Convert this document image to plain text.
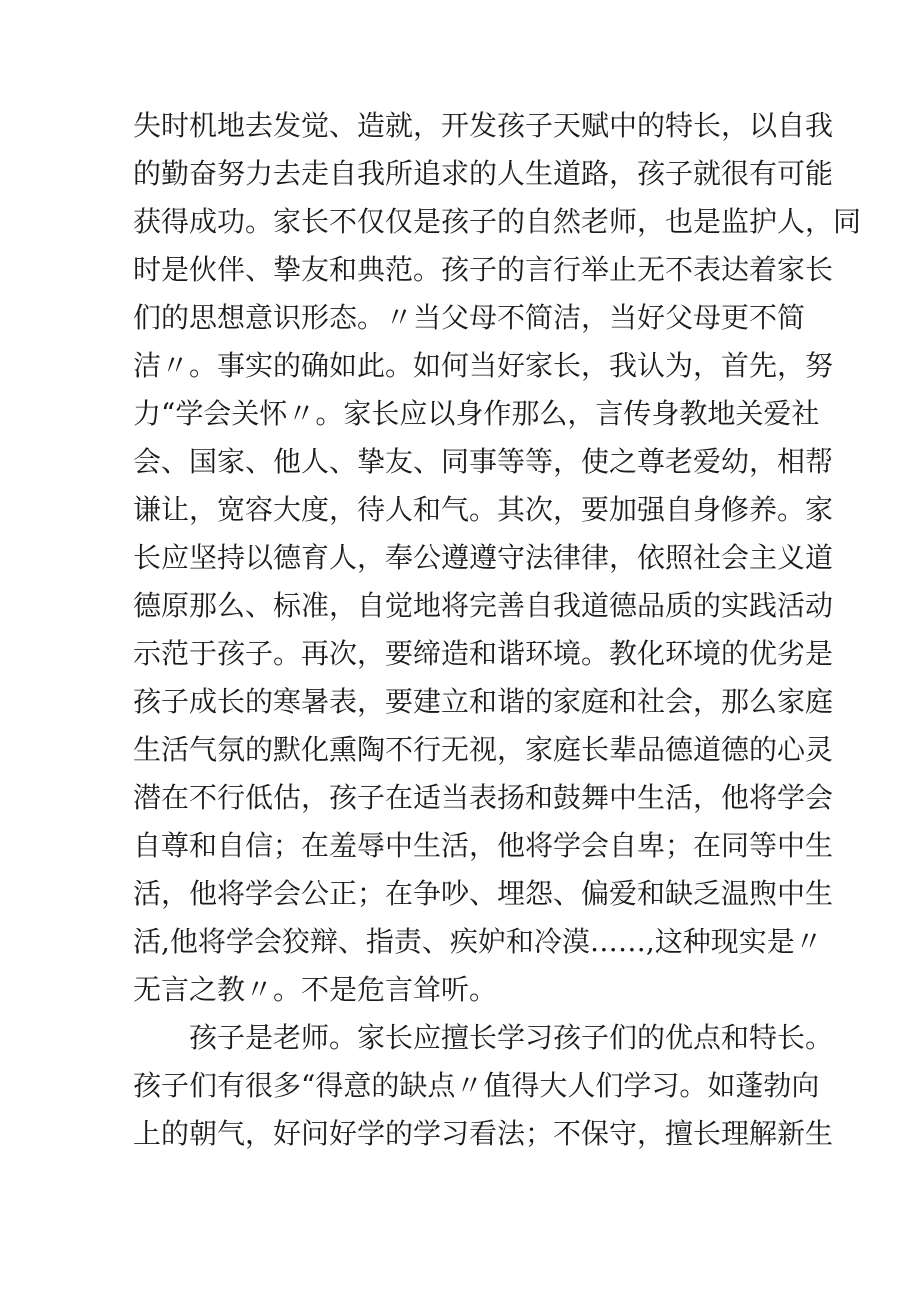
失时机地去发觉、造就，开发孩子天赋中的特长，以自我
的勤奋努力去走自我所追求的人生道路，孩子就很有可能
获得成功。家长不仅仅是孩子的自然老师，也是监护人，同
时是伙伴、挚友和典范。孩子的言行举止无不表达着家长
们的思想意识形态。〃当父母不简洁，当好父母更不简
洁〃。事实的确如此。如何当好家长，我认为，首先，努
力“学会关怀〃。家长应以身作那么，言传身教地关爱社
会、国家、他人、挚友、同事等等，使之尊老爱幼，相帮
谦让，宽容大度，待人和气。其次，要加强自身修养。家
长应坚持以德育人，奉公遵遵守法律律，依照社会主义道
德原那么、标准，自觉地将完善自我道德品质的实践活动
示范于孩子。再次，要缔造和谐环境。教化环境的优劣是
孩子成长的寒暑表，要建立和谐的家庭和社会，那么家庭
生活气氛的默化熏陶不行无视，家庭长辈品德道德的心灵
潜在不行低估，孩子在适当表扬和鼓舞中生活，他将学会
自尊和自信；在羞辱中生活，他将学会自卑；在同等中生
活，他将学会公正；在争吵、埋怨、偏爱和缺乏温煦中生
活,他将学会狡辩、指责、疾妒和冷漠……,这种现实是〃
无言之教〃。不是危言耸听。
孩子是老师。家长应擅长学习孩子们的优点和特长。
孩子们有很多“得意的缺点〃值得大人们学习。如蓬勃向
上的朝气，好问好学的学习看法；不保守，擅长理解新生
